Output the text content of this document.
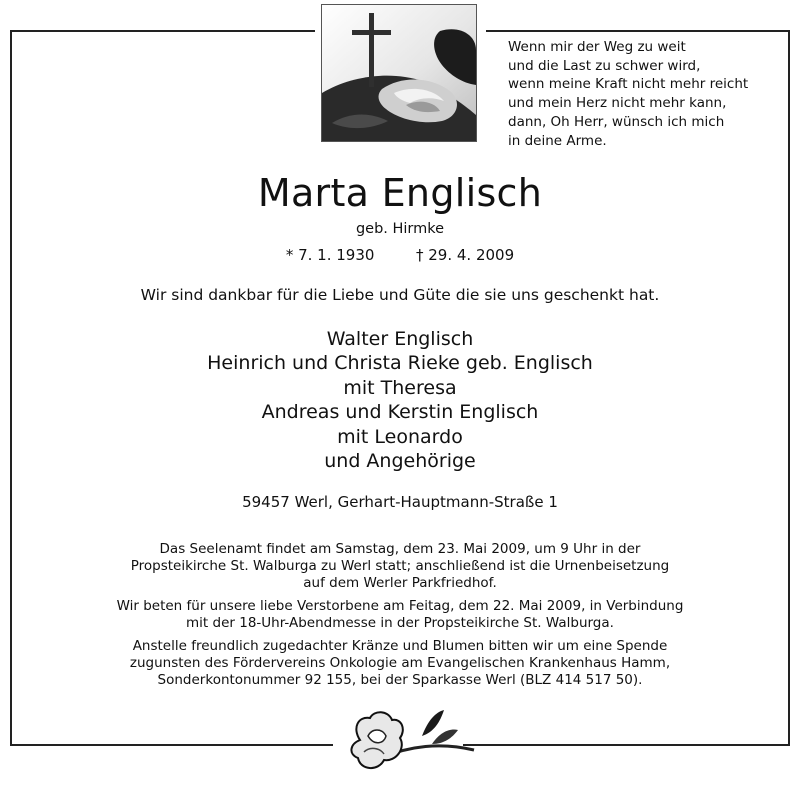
Wenn mir der Weg zu weit
und die Last zu schwer wird,
wenn meine Kraft nicht mehr reicht
und mein Herz nicht mehr kann,
dann, Oh Herr, wünsch ich mich
in deine Arme.
Marta Englisch
geb. Hirmke
* 7. 1. 1930	† 29. 4. 2009
Wir sind dankbar für die Liebe und Güte die sie uns geschenkt hat.
Walter Englisch
Heinrich und Christa Rieke geb. Englisch
mit Theresa
Andreas und Kerstin Englisch
mit Leonardo
und Angehörige
59457 Werl, Gerhart-Hauptmann-Straße 1
Das Seelenamt findet am Samstag, dem 23. Mai 2009, um 9 Uhr in der
Propsteikirche St. Walburga zu Werl statt; anschließend ist die Urnenbeisetzung
auf dem Werler Parkfriedhof.
Wir beten für unsere liebe Verstorbene am Feitag, dem 22. Mai 2009, in Verbindung
mit der 18-Uhr-Abendmesse in der Propsteikirche St. Walburga.
Anstelle freundlich zugedachter Kränze und Blumen bitten wir um eine Spende
zugunsten des Fördervereins Onkologie am Evangelischen Krankenhaus Hamm,
Sonderkontonummer 92 155, bei der Sparkasse Werl (BLZ 414 517 50).
